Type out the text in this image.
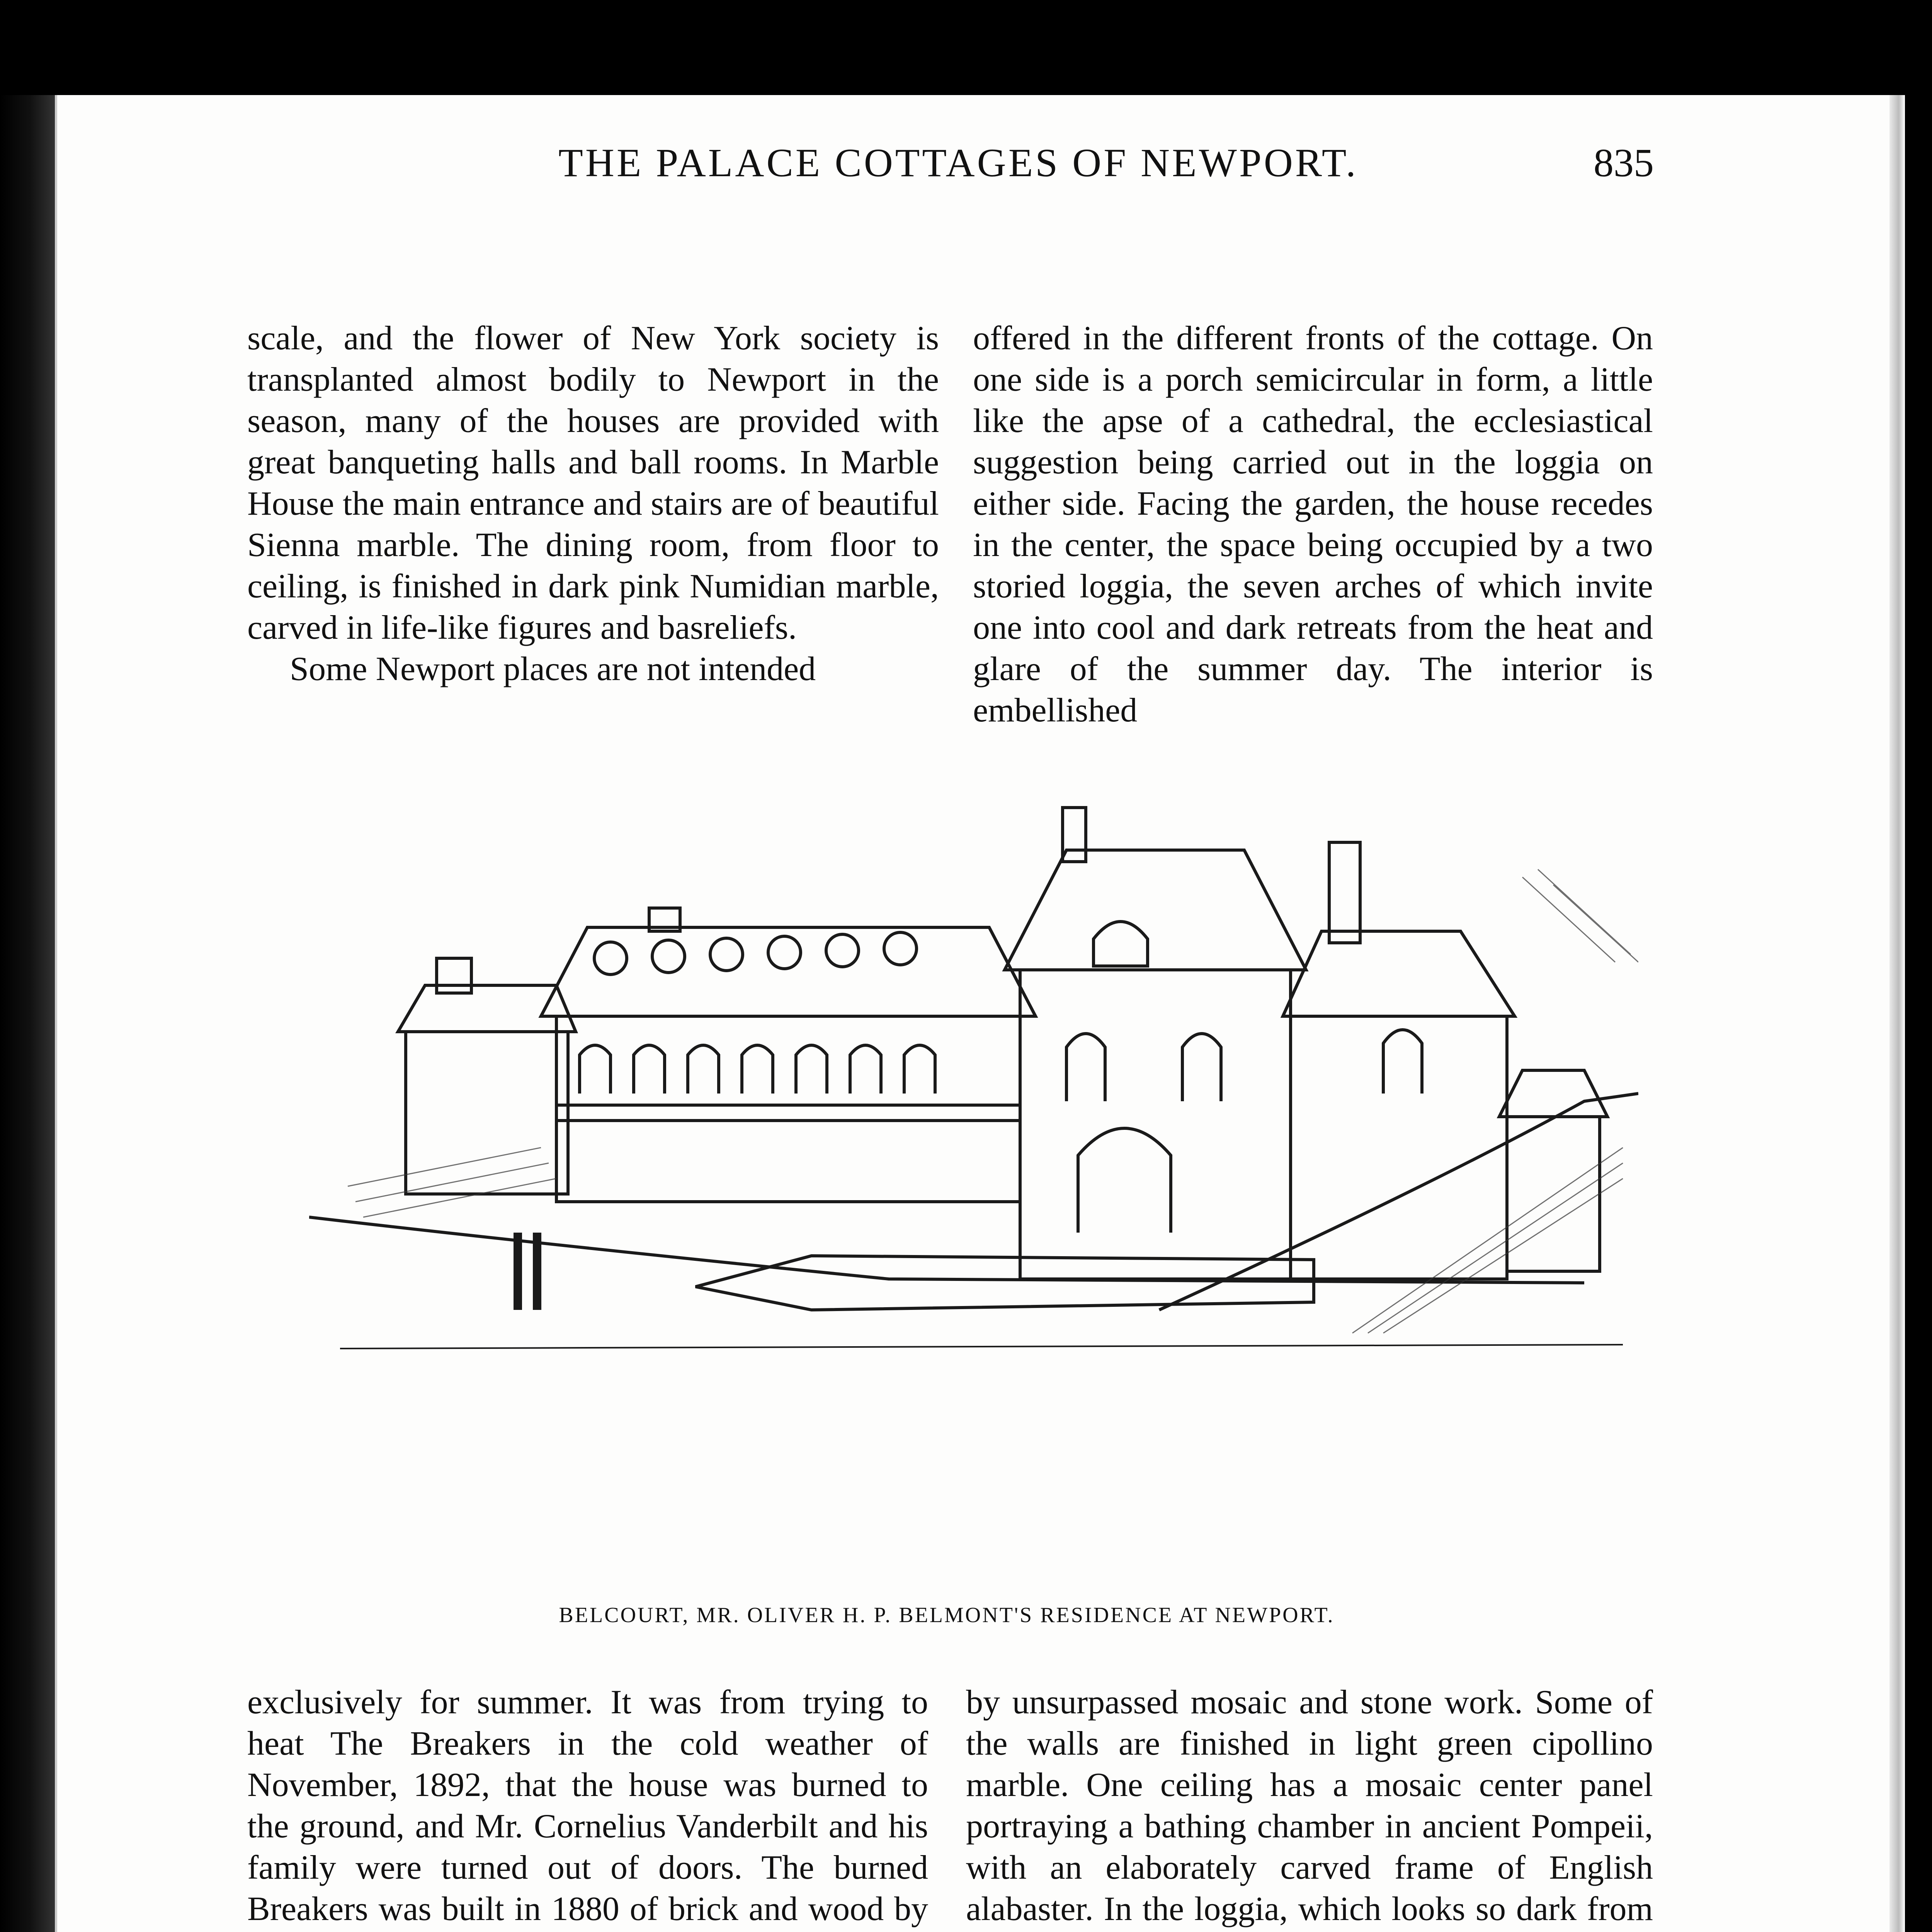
THE PALACE COTTAGES OF NEWPORT.	835

scale, and the flower of New York society is transplanted almost bodily to Newport in the season, many of the houses are provided with great banqueting halls and ball rooms. In Marble House the main entrance and stairs are of beautiful Sienna marble. The dining room, from floor to ceiling, is finished in dark pink Numidian marble, carved in life-like figures and basreliefs.

Some Newport places are not intended

offered in the different fronts of the cottage. On one side is a porch semicircular in form, a little like the apse of a cathedral, the ecclesiastical suggestion being carried out in the loggia on either side. Facing the garden, the house recedes in the center, the space being occupied by a two storied loggia, the seven arches of which invite one into cool and dark retreats from the heat and glare of the summer day. The interior is embellished

BELCOURT, MR. OLIVER H. P. BELMONT'S RESIDENCE AT NEWPORT.

exclusively for summer. It was from trying to heat The Breakers in the cold weather of November, 1892, that the house was burned to the ground, and Mr. Cornelius Vanderbilt and his family were turned out of doors. The burned Breakers was built in 1880 of brick and wood by

by unsurpassed mosaic and stone work. Some of the walls are finished in light green cipollino marble. One ceiling has a mosaic center panel portraying a bathing chamber in ancient Pompeii, with an elaborately carved frame of English alabaster. In the loggia, which looks so dark from
